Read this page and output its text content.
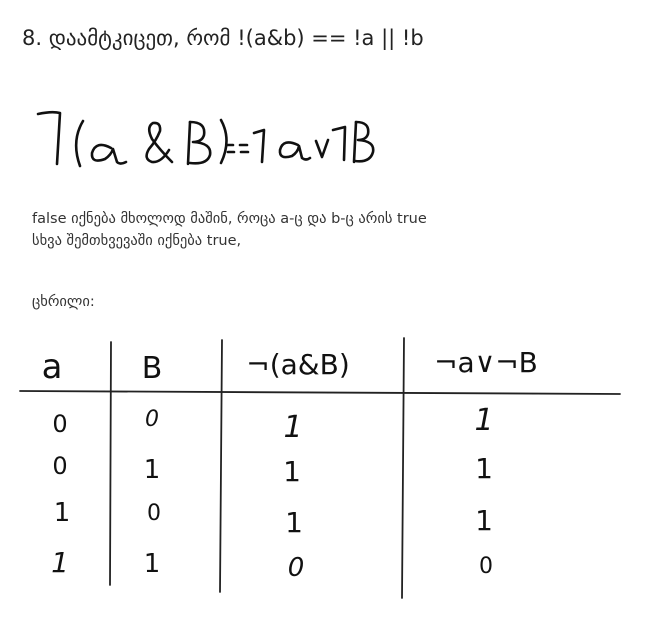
8. დაამტკიცეთ, რომ !(a&b) == !a || !b

false იქნება მხოლოდ მაშინ, როცა a-ც და b-ც არის true

სხვა შემთხვევაში იქნება true,

ცხრილი:
a	B	¬(a&B)	¬a∨¬B
0	0	1	1
0	1	1	1
1	0	1	1
1	1	0	0
